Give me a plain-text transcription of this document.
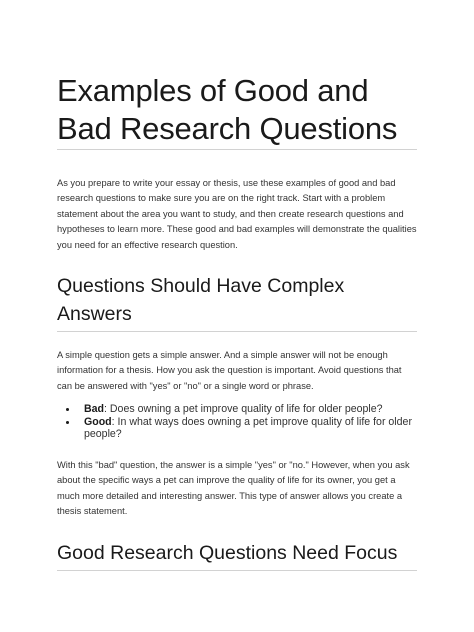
Examples of Good and Bad Research Questions

As you prepare to write your essay or thesis, use these examples of good and bad research questions to make sure you are on the right track. Start with a problem statement about the area you want to study, and then create research questions and hypotheses to learn more. These good and bad examples will demonstrate the qualities you need for an effective research question.

Questions Should Have Complex Answers

A simple question gets a simple answer. And a simple answer will not be enough information for a thesis. How you ask the question is important. Avoid questions that can be answered with "yes" or "no" or a single word or phrase.

Bad: Does owning a pet improve quality of life for older people?
Good: In what ways does owning a pet improve quality of life for older people?

With this "bad" question, the answer is a simple "yes" or "no." However, when you ask about the specific ways a pet can improve the quality of life for its owner, you get a much more detailed and interesting answer. This type of answer allows you create a thesis statement.

Good Research Questions Need Focus
